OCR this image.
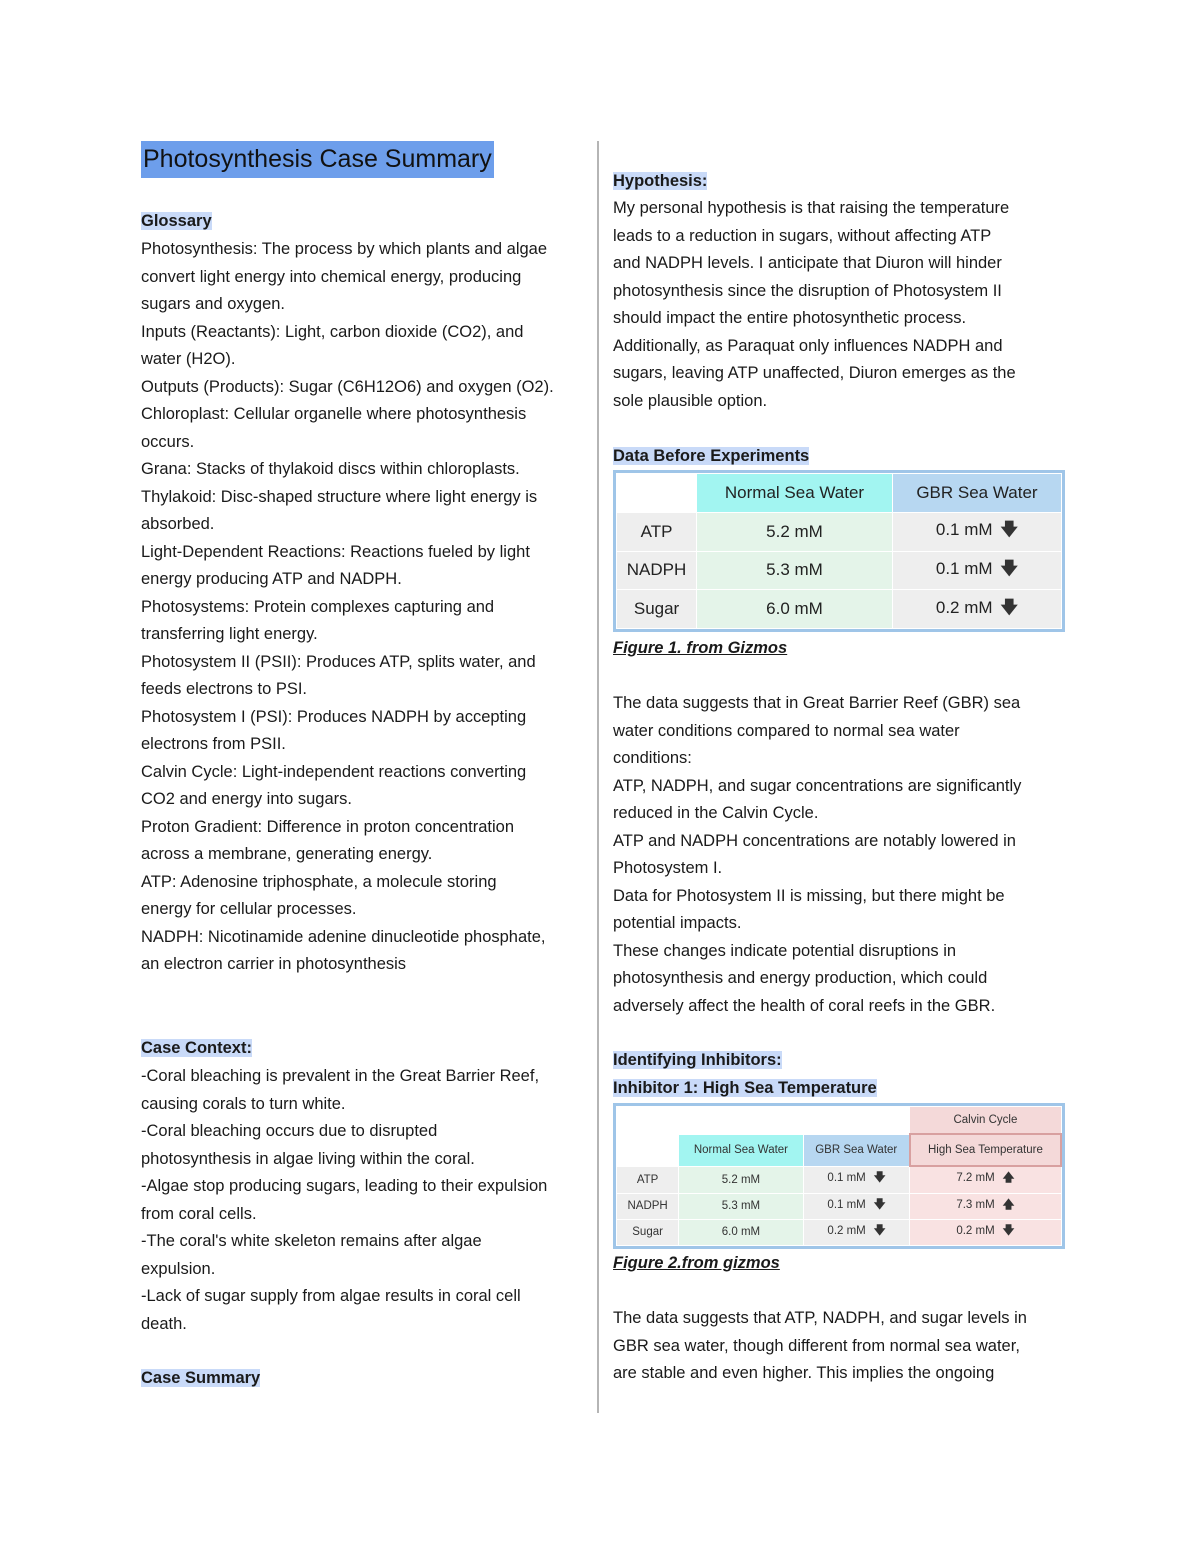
Photosynthesis Case Summary
Glossary
Photosynthesis: The process by which plants and algae
convert light energy into chemical energy, producing
sugars and oxygen.
Inputs (Reactants): Light, carbon dioxide (CO2), and
water (H2O).
Outputs (Products): Sugar (C6H12O6) and oxygen (O2).
Chloroplast: Cellular organelle where photosynthesis
occurs.
Grana: Stacks of thylakoid discs within chloroplasts.
Thylakoid: Disc-shaped structure where light energy is
absorbed.
Light-Dependent Reactions: Reactions fueled by light
energy producing ATP and NADPH.
Photosystems: Protein complexes capturing and
transferring light energy.
Photosystem II (PSII): Produces ATP, splits water, and
feeds electrons to PSI.
Photosystem I (PSI): Produces NADPH by accepting
electrons from PSII.
Calvin Cycle: Light-independent reactions converting
CO2 and energy into sugars.
Proton Gradient: Difference in proton concentration
across a membrane, generating energy.
ATP: Adenosine triphosphate, a molecule storing
energy for cellular processes.
NADPH: Nicotinamide adenine dinucleotide phosphate,
an electron carrier in photosynthesis
Case Context:
-Coral bleaching is prevalent in the Great Barrier Reef,
causing corals to turn white.
-Coral bleaching occurs due to disrupted
photosynthesis in algae living within the coral.
-Algae stop producing sugars, leading to their expulsion
from coral cells.
-The coral's white skeleton remains after algae
expulsion.
-Lack of sugar supply from algae results in coral cell
death.
Case Summary
Hypothesis:
My personal hypothesis is that raising the temperature
leads to a reduction in sugars, without affecting ATP
and NADPH levels. I anticipate that Diuron will hinder
photosynthesis since the disruption of Photosystem II
should impact the entire photosynthetic process.
Additionally, as Paraquat only influences NADPH and
sugars, leaving ATP unaffected, Diuron emerges as the
sole plausible option.
Data Before Experiments
Figure 1. from Gizmos
The data suggests that in Great Barrier Reef (GBR) sea
water conditions compared to normal sea water
conditions:
ATP, NADPH, and sugar concentrations are significantly
reduced in the Calvin Cycle.
ATP and NADPH concentrations are notably lowered in
Photosystem I.
Data for Photosystem II is missing, but there might be
potential impacts.
These changes indicate potential disruptions in
photosynthesis and energy production, which could
adversely affect the health of coral reefs in the GBR.
Identifying Inhibitors:
Inhibitor 1: High Sea Temperature
Figure 2.from gizmos
The data suggests that ATP, NADPH, and sugar levels in
GBR sea water, though different from normal sea water,
are stable and even higher. This implies the ongoing
	Normal Sea Water	GBR Sea Water
ATP	5.2 mM	0.1 mM 🡇
NADPH	5.3 mM	0.1 mM 🡇
Sugar	6.0 mM	0.2 mM 🡇
			Calvin Cycle
	Normal Sea Water	GBR Sea Water	High Sea Temperature
ATP	5.2 mM	0.1 mM 🡇	7.2 mM 🡅
NADPH	5.3 mM	0.1 mM 🡇	7.3 mM 🡅
Sugar	6.0 mM	0.2 mM 🡇	0.2 mM 🡇
